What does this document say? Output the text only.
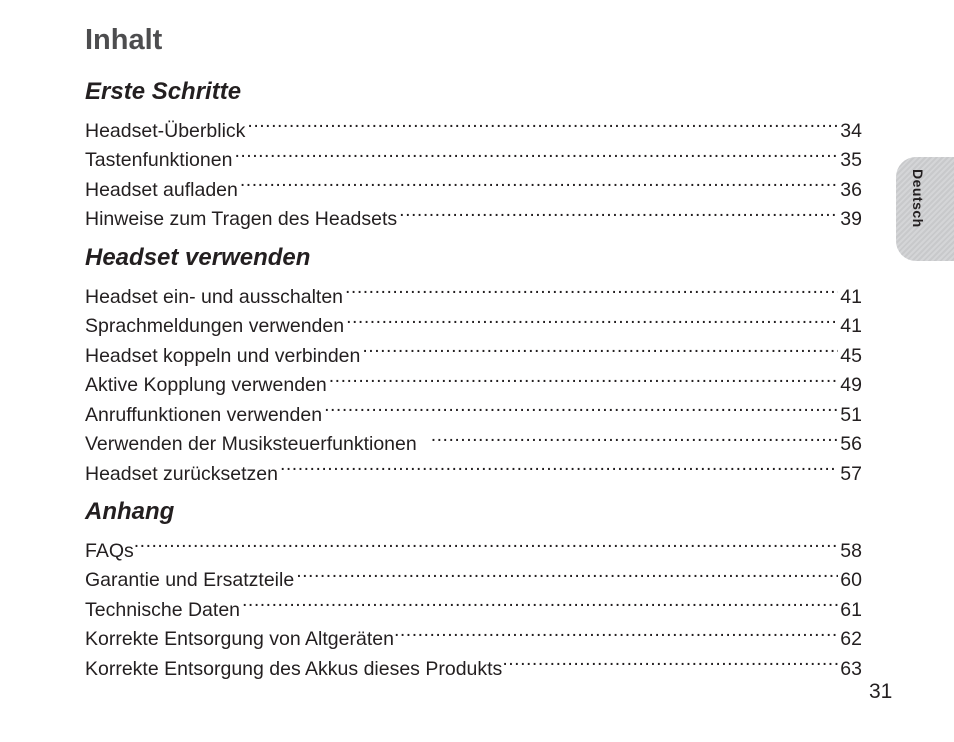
Inhalt
Deutsch
Erste Schritte
Headset-Überblick .....	34
Tastenfunktionen .....	35
Headset aufladen .....	36
Hinweise zum Tragen des Headsets .....	39
Headset verwenden
Headset ein- und ausschalten .....	41
Sprachmeldungen verwenden .....	41
Headset koppeln und verbinden .....	45
Aktive Kopplung verwenden .....	49
Anruffunktionen verwenden .....	51
Verwenden der Musiksteuerfunktionen .....	56
Headset zurücksetzen .....	57
Anhang
FAQs .....	58
Garantie und Ersatzteile .....	60
Technische Daten .....	61
Korrekte Entsorgung von Altgeräten .....	62
Korrekte Entsorgung des Akkus dieses Produkts .....	63
31
